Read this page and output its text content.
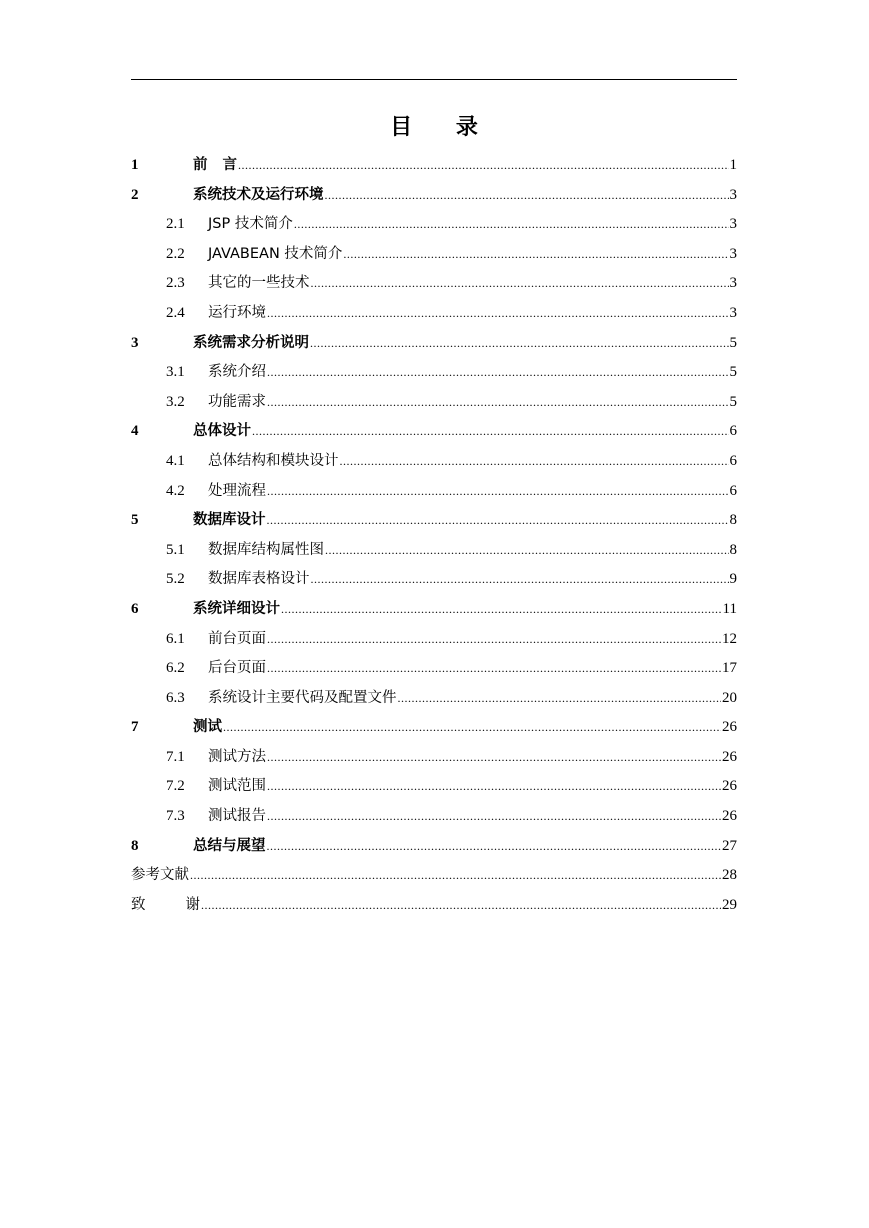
目 录
1	前 言 .....	1
2	系统技术及运行环境 .....	3
2.1	JSP 技术简介 .....	3
2.2	JAVABEAN 技术简介 .....	3
2.3	其它的一些技术 .....	3
2.4	运行环境 .....	3
3	系统需求分析说明 .....	5
3.1	系统介绍 .....	5
3.2	功能需求 .....	5
4	总体设计 .....	6
4.1	总体结构和模块设计 .....	6
4.2	处理流程 .....	6
5	数据库设计 .....	8
5.1	数据库结构属性图 .....	8
5.2	数据库表格设计 .....	9
6	系统详细设计 .....	11
6.1	前台页面 .....	12
6.2	后台页面 .....	17
6.3	系统设计主要代码及配置文件 .....	20
7	测试 .....	26
7.1	测试方法 .....	26
7.2	测试范围 .....	26
7.3	测试报告 .....	26
8	总结与展望 .....	27
参考文献 .....	28
致	谢 .....	29
